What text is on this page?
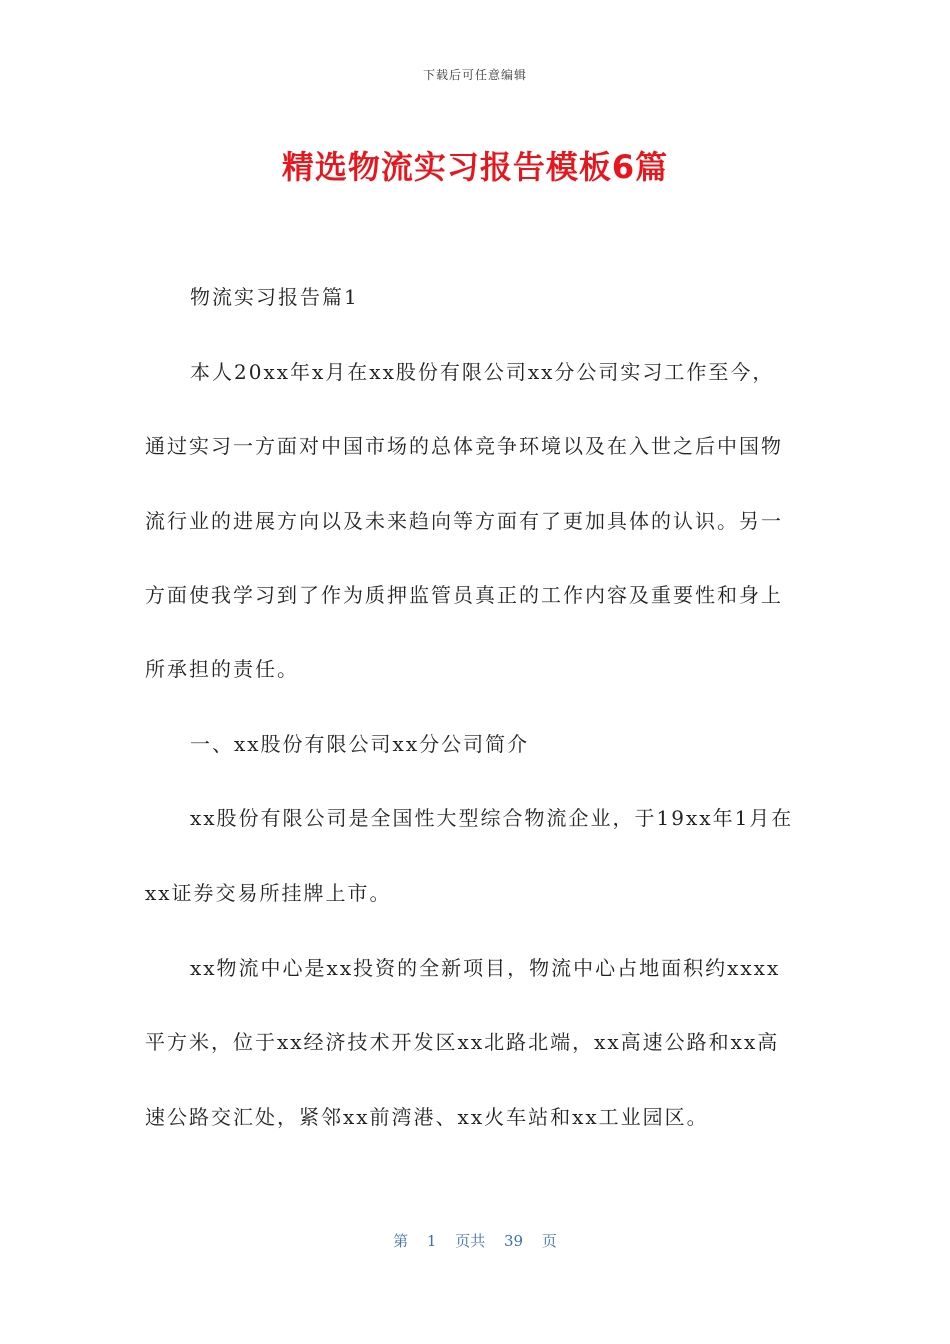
下载后可任意编辑
精选物流实习报告模板6篇
物流实习报告篇1
本人20xx年x月在xx股份有限公司xx分公司实习工作至今，
通过实习一方面对中国市场的总体竞争环境以及在入世之后中国物
流行业的进展方向以及未来趋向等方面有了更加具体的认识。另一
方面使我学习到了作为质押监管员真正的工作内容及重要性和身上
所承担的责任。
一、xx股份有限公司xx分公司简介
xx股份有限公司是全国性大型综合物流企业，于19xx年1月在
xx证券交易所挂牌上市。
xx物流中心是xx投资的全新项目，物流中心占地面积约xxxx
平方米，位于xx经济技术开发区xx北路北端，xx高速公路和xx高
速公路交汇处，紧邻xx前湾港、xx火车站和xx工业园区。
第 1 页共 39 页
